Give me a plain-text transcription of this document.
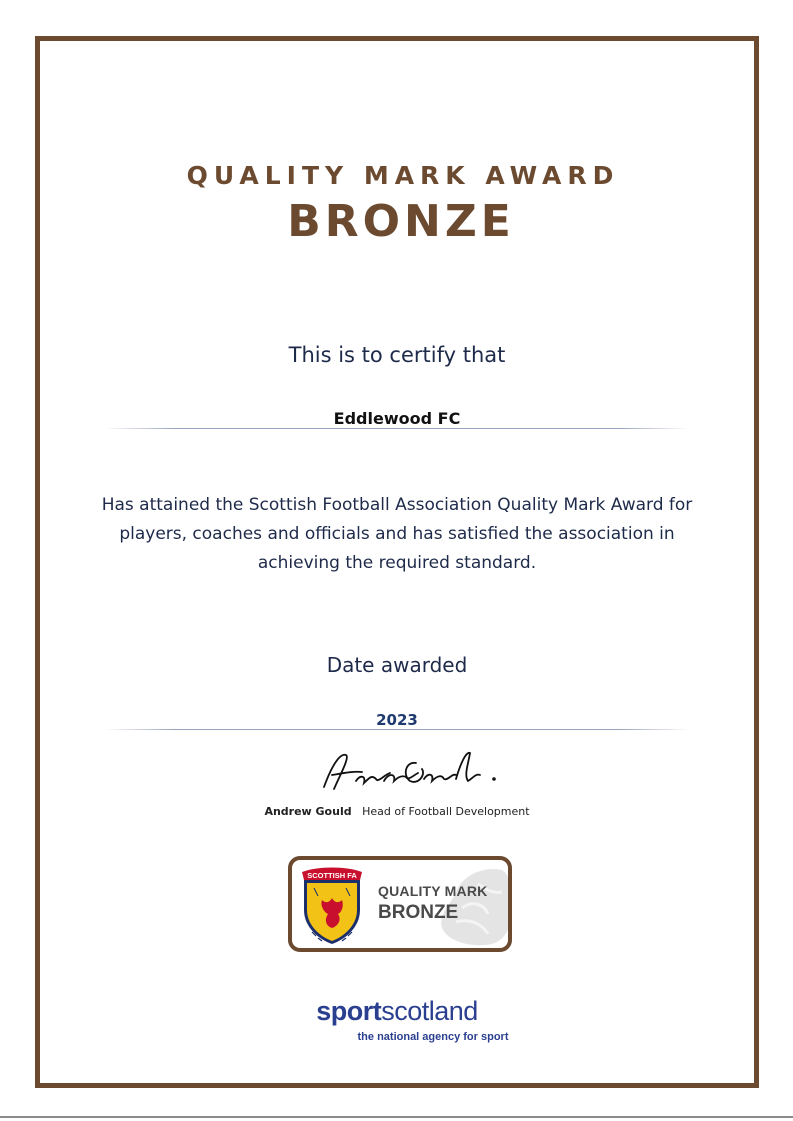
QUALITY MARK AWARD

BRONZE

This is to certify that

Eddlewood FC

Has attained the Scottish Football Association Quality Mark Award for players, coaches and officials and has satisfied the association in achieving the required standard.

Date awarded

2023

Andrew Gould Head of Football Development

SCOTTISH FA
QUALITY MARK
BRONZE

sportscotland

the national agency for sport
